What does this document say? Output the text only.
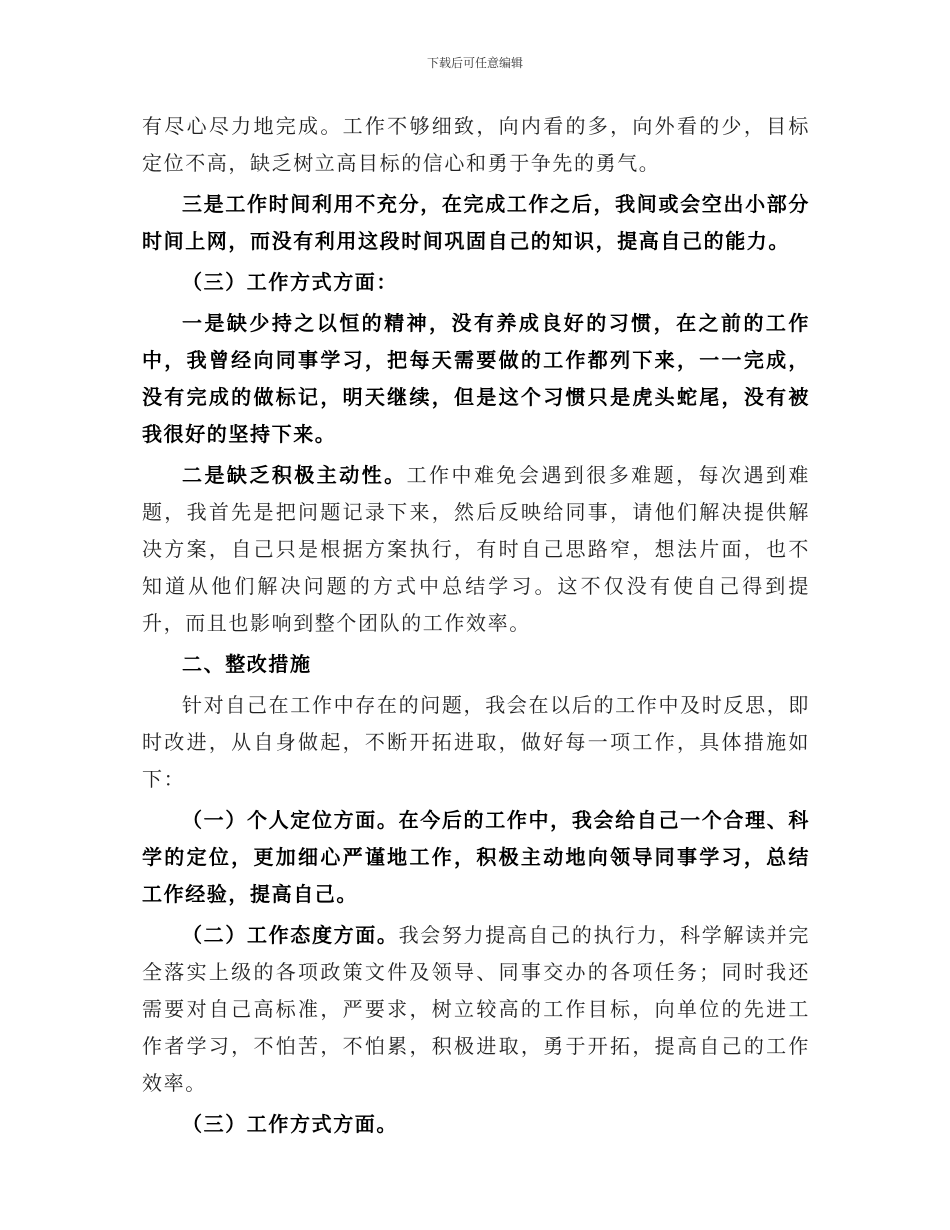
下载后可任意编辑

有尽心尽力地完成。工作不够细致，向内看的多，向外看的少，目标定位不高，缺乏树立高目标的信心和勇于争先的勇气。

三是工作时间利用不充分，在完成工作之后，我间或会空出小部分时间上网，而没有利用这段时间巩固自己的知识，提高自己的能力。

（三）工作方式方面：

一是缺少持之以恒的精神，没有养成良好的习惯，在之前的工作中，我曾经向同事学习，把每天需要做的工作都列下来，一一完成，没有完成的做标记，明天继续，但是这个习惯只是虎头蛇尾，没有被我很好的坚持下来。

二是缺乏积极主动性。工作中难免会遇到很多难题，每次遇到难题，我首先是把问题记录下来，然后反映给同事，请他们解决提供解决方案，自己只是根据方案执行，有时自己思路窄，想法片面，也不知道从他们解决问题的方式中总结学习。这不仅没有使自己得到提升，而且也影响到整个团队的工作效率。

二、整改措施

针对自己在工作中存在的问题，我会在以后的工作中及时反思，即时改进，从自身做起，不断开拓进取，做好每一项工作，具体措施如下：

（一）个人定位方面。在今后的工作中，我会给自己一个合理、科学的定位，更加细心严谨地工作，积极主动地向领导同事学习，总结工作经验，提高自己。

（二）工作态度方面。我会努力提高自己的执行力，科学解读并完全落实上级的各项政策文件及领导、同事交办的各项任务；同时我还需要对自己高标准，严要求，树立较高的工作目标，向单位的先进工作者学习，不怕苦，不怕累，积极进取，勇于开拓，提高自己的工作效率。

（三）工作方式方面。
